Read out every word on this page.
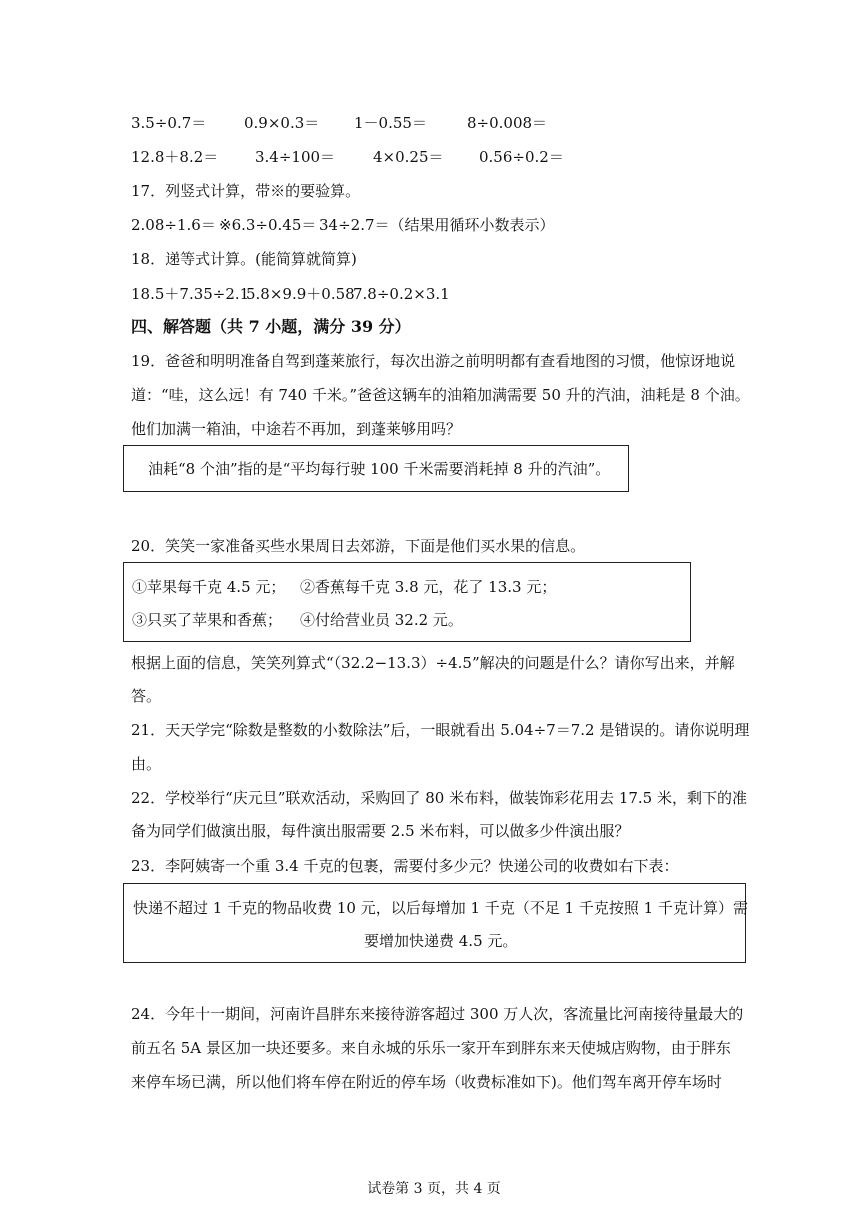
3.5÷0.7＝	0.9×0.3＝ 1－0.55＝	8÷0.008＝
12.8＋8.2＝ 3.4÷100＝	4×0.25＝ 0.56÷0.2＝
17．列竖式计算，带※的要验算。
2.08÷1.6＝ ※6.3÷0.45＝ 34÷2.7＝（结果用循环小数表示）
18．递等式计算。(能简算就简算)
18.5＋7.35÷2.15.8×9.9＋0.587.8÷0.2×3.1
四、解答题（共 7 小题，满分 39 分）
19．爸爸和明明准备自驾到蓬莱旅行，每次出游之前明明都有查看地图的习惯，他惊讶地说
道：“哇，这么远！有 740 千米。”爸爸这辆车的油箱加满需要 50 升的汽油，油耗是 8 个油。
他们加满一箱油，中途若不再加，到蓬莱够用吗？
油耗“8 个油”指的是“平均每行驶 100 千米需要消耗掉 8 升的汽油”。
20．笑笑一家准备买些水果周日去郊游，下面是他们买水果的信息。
①苹果每千克 4.5 元； ②香蕉每千克 3.8 元，花了 13.3 元；
③只买了苹果和香蕉； ④付给营业员 32.2 元。
根据上面的信息，笑笑列算式“（32.2−13.3）÷4.5”解决的问题是什么？请你写出来，并解
答。
21．天天学完“除数是整数的小数除法”后，一眼就看出 5.04÷7＝7.2 是错误的。请你说明理
由。
22．学校举行“庆元旦”联欢活动，采购回了 80 米布料，做装饰彩花用去 17.5 米，剩下的准
备为同学们做演出服，每件演出服需要 2.5 米布料，可以做多少件演出服？
23．李阿姨寄一个重 3.4 千克的包裹，需要付多少元？快递公司的收费如右下表：
快递不超过 1 千克的物品收费 10 元，以后每增加 1 千克（不足 1 千克按照 1 千克计算）需
要增加快递费 4.5 元。
24．今年十一期间，河南许昌胖东来接待游客超过 300 万人次，客流量比河南接待量最大的
前五名 5A 景区加一块还要多。来自永城的乐乐一家开车到胖东来天使城店购物，由于胖东
来停车场已满，所以他们将车停在附近的停车场（收费标准如下)。他们驾车离开停车场时
试卷第 3 页，共 4 页
